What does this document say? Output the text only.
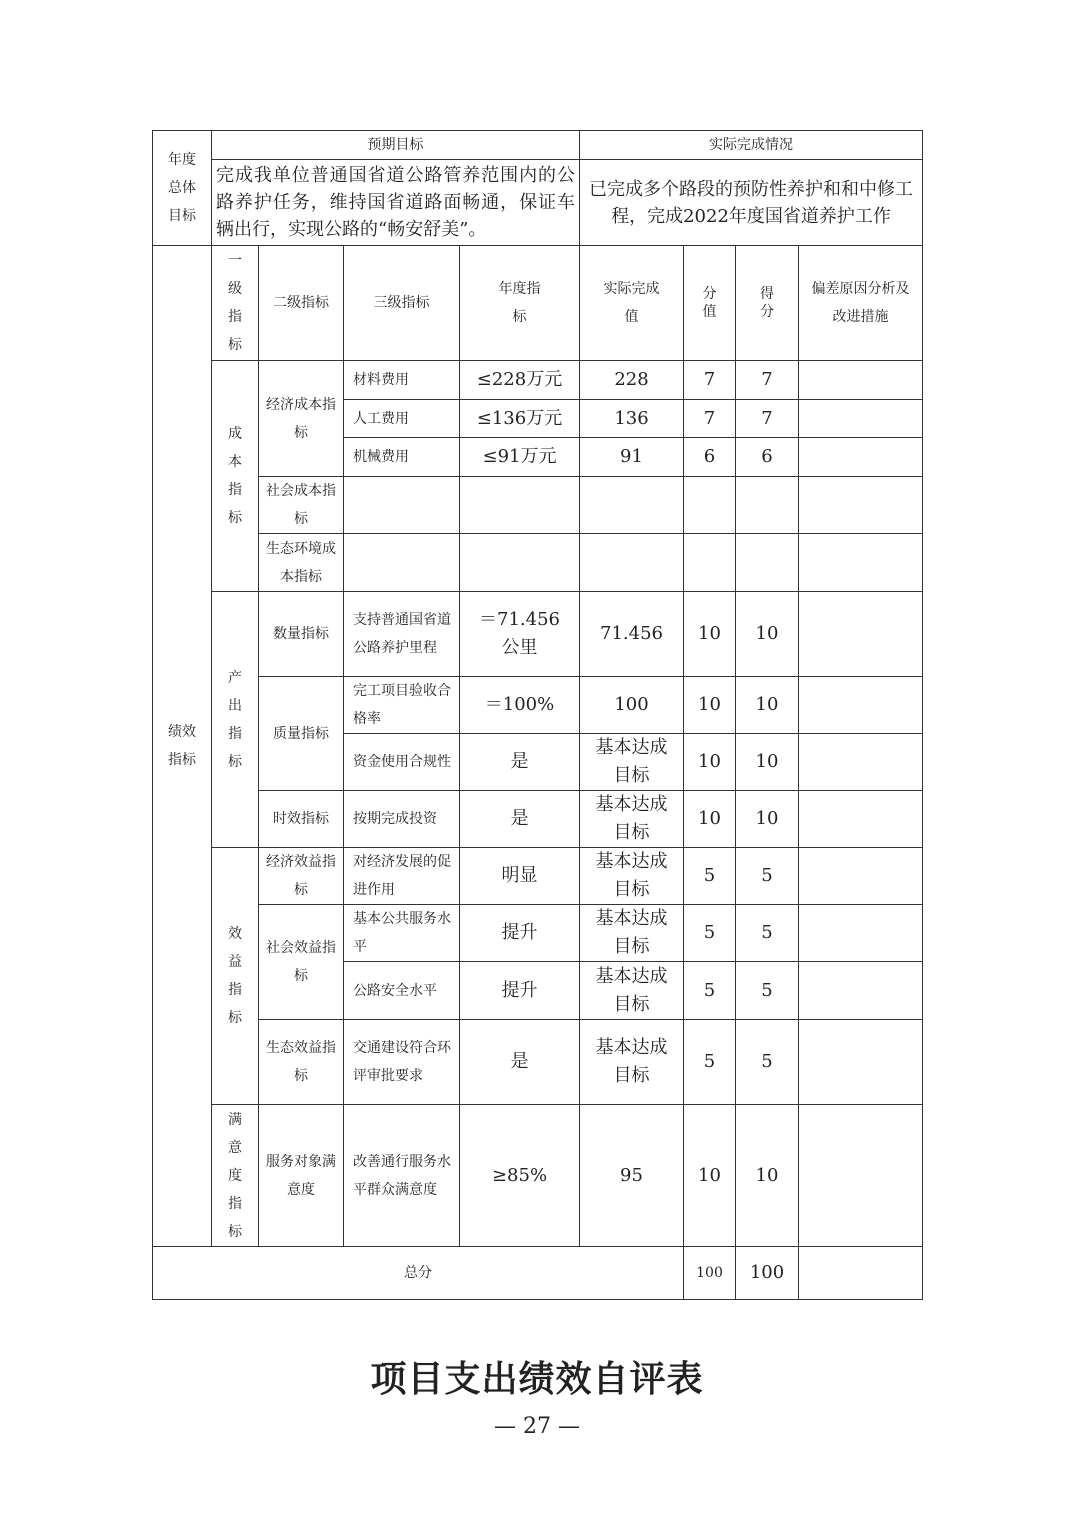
年度总体目标	预期目标				实际完成情况			
	完成我单位普通国省道公路管养范围内的公路养护任务，维持国省道路面畅通，保证车辆出行，实现公路的“畅安舒美”。				已完成多个路段的预防性养护和和中修工程，完成2022年度国省道养护工作			
绩效指标	一级指标	二级指标	三级指标	年度指标	实际完成值	分值	得分	偏差原因分析及改进措施
	成本指标	经济成本指标	材料费用	≤228万元	228	7	7	
			人工费用	≤136万元	136	7	7	
			机械费用	≤91万元	91	6	6	
		社会成本指标						
		生态环境成本指标						
	产出指标	数量指标	支持普通国省道公路养护里程	＝71.456公里	71.456	10	10	
		质量指标	完工项目验收合格率	＝100%	100	10	10	
			资金使用合规性	是	基本达成目标	10	10	
		时效指标	按期完成投资	是	基本达成目标	10	10	
	效益指标	经济效益指标	对经济发展的促进作用	明显	基本达成目标	5	5	
		社会效益指标	基本公共服务水平	提升	基本达成目标	5	5	
			公路安全水平	提升	基本达成目标	5	5	
		生态效益指标	交通建设符合环评审批要求	是	基本达成目标	5	5	
	满意度指标	服务对象满意度	改善通行服务水平群众满意度	≥85%	95	10	10	
总分						100	100	
项目支出绩效自评表
— 27 —
